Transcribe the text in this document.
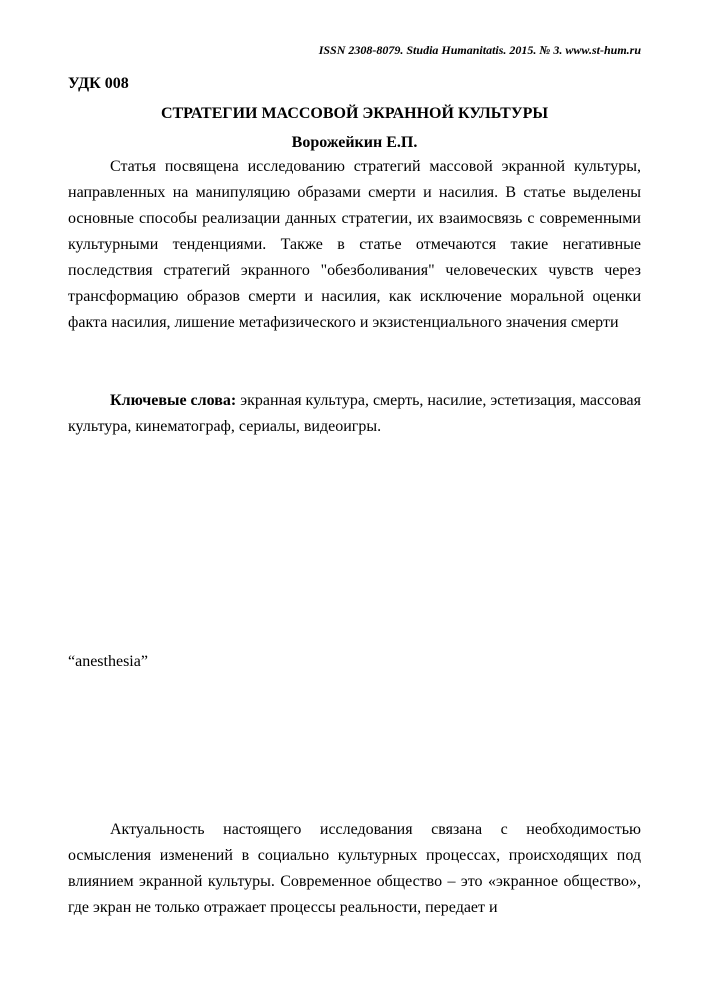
ISSN 2308-8079. Studia Humanitatis. 2015. № 3. www.st-hum.ru
УДК 008
СТРАТЕГИИ МАССОВОЙ ЭКРАННОЙ КУЛЬТУРЫ
Ворожейкин Е.П.

Статья посвящена исследованию стратегий массовой экранной культуры, направленных на манипуляцию образами смерти и насилия. В статье выделены основные способы реализации данных стратегии, их взаимосвязь с современными культурными тенденциями. Также в статье отмечаются такие негативные последствия стратегий экранного "обезболивания" человеческих чувств через трансформацию образов смерти и насилия, как исключение моральной оценки факта насилия, лишение метафизического и экзистенциального значения смерти

Ключевые слова: экранная культура, смерть, насилие, эстетизация, массовая культура, кинематограф, сериалы, видеоигры.

“anesthesia”

Актуальность настоящего исследования связана с необходимостью осмысления изменений в социально культурных процессах, происходящих под влиянием экранной культуры. Современное общество – это «экранное общество», где экран не только отражает процессы реальности, передает и
